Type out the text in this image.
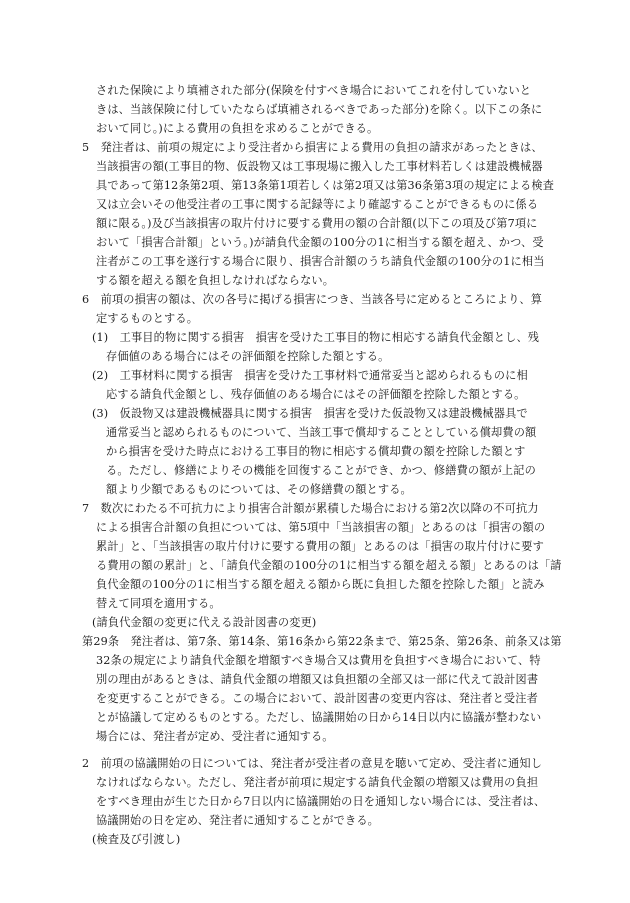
された保険により填補された部分(保険を付すべき場合においてこれを付していないと
きは、当該保険に付していたならば填補されるべきであった部分)を除く。以下この条に
おいて同じ。)による費用の負担を求めることができる。
5　発注者は、前項の規定により受注者から損害による費用の負担の請求があったときは、
当該損害の額(工事目的物、仮設物又は工事現場に搬入した工事材料若しくは建設機械器
具であって第12条第2項、第13条第1項若しくは第2項又は第36条第3項の規定による検査
又は立会いその他受注者の工事に関する記録等により確認することができるものに係る
額に限る。)及び当該損害の取片付けに要する費用の額の合計額(以下この項及び第7項に
おいて「損害合計額」という。)が請負代金額の100分の1に相当する額を超え、かつ、受
注者がこの工事を遂行する場合に限り、損害合計額のうち請負代金額の100分の1に相当
する額を超える額を負担しなければならない。
6　前項の損害の額は、次の各号に掲げる損害につき、当該各号に定めるところにより、算
定するものとする。
(1)　工事目的物に関する損害　損害を受けた工事目的物に相応する請負代金額とし、残
存価値のある場合にはその評価額を控除した額とする。
(2)　工事材料に関する損害　損害を受けた工事材料で通常妥当と認められるものに相
応する請負代金額とし、残存価値のある場合にはその評価額を控除した額とする。
(3)　仮設物又は建設機械器具に関する損害　損害を受けた仮設物又は建設機械器具で
通常妥当と認められるものについて、当該工事で償却することとしている償却費の額
から損害を受けた時点における工事目的物に相応する償却費の額を控除した額とす
る。ただし、修繕によりその機能を回復することができ、かつ、修繕費の額が上記の
額より少額であるものについては、その修繕費の額とする。
7　数次にわたる不可抗力により損害合計額が累積した場合における第2次以降の不可抗力
による損害合計額の負担については、第5項中「当該損害の額」とあるのは「損害の額の
累計」と、「当該損害の取片付けに要する費用の額」とあるのは「損害の取片付けに要す
る費用の額の累計」と、「請負代金額の100分の1に相当する額を超える額」とあるのは「請
負代金額の100分の1に相当する額を超える額から既に負担した額を控除した額」と読み
替えて同項を適用する。
(請負代金額の変更に代える設計図書の変更)
第29条　発注者は、第7条、第14条、第16条から第22条まで、第25条、第26条、前条又は第
32条の規定により請負代金額を増額すべき場合又は費用を負担すべき場合において、特
別の理由があるときは、請負代金額の増額又は負担額の全部又は一部に代えて設計図書
を変更することができる。この場合において、設計図書の変更内容は、発注者と受注者
とが協議して定めるものとする。ただし、協議開始の日から14日以内に協議が整わない
場合には、発注者が定め、受注者に通知する。
2　前項の協議開始の日については、発注者が受注者の意見を聴いて定め、受注者に通知し
なければならない。ただし、発注者が前項に規定する請負代金額の増額又は費用の負担
をすべき理由が生じた日から7日以内に協議開始の日を通知しない場合には、受注者は、
協議開始の日を定め、発注者に通知することができる。
(検査及び引渡し)
